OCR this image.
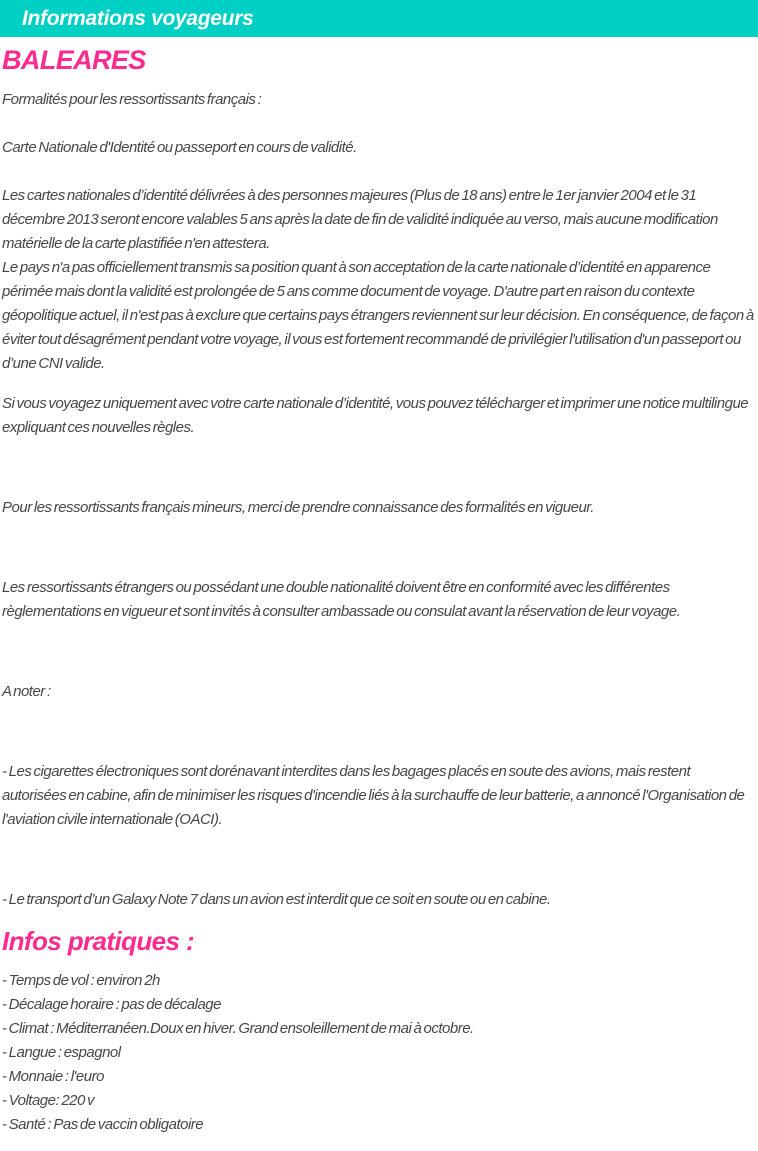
Informations voyageurs
BALEARES

Formalités pour les ressortissants français :

Carte Nationale d'Identité ou passeport en cours de validité.

Les cartes nationales d’identité délivrées à des personnes majeures (Plus de 18 ans) entre le 1er janvier 2004 et le 31 décembre 2013 seront encore valables 5 ans après la date de fin de validité indiquée au verso, mais aucune modification matérielle de la carte plastifiée n'en attestera.

Le pays n'a pas officiellement transmis sa position quant à son acceptation de la carte nationale d’identité en apparence périmée mais dont la validité est prolongée de 5 ans comme document de voyage. D'autre part en raison du contexte géopolitique actuel, il n'est pas à exclure que certains pays étrangers reviennent sur leur décision. En conséquence, de façon à éviter tout désagrément pendant votre voyage, il vous est fortement recommandé de privilégier l'utilisation d'un passeport ou d’une CNI valide.

Si vous voyagez uniquement avec votre carte nationale d’identité, vous pouvez télécharger et imprimer une notice multilingue expliquant ces nouvelles règles.

Pour les ressortissants français mineurs, merci de prendre connaissance des formalités en vigueur.

Les ressortissants étrangers ou possédant une double nationalité doivent être en conformité avec les différentes règlementations en vigueur et sont invités à consulter ambassade ou consulat avant la réservation de leur voyage.

A noter :

- Les cigarettes électroniques sont dorénavant interdites dans les bagages placés en soute des avions, mais restent autorisées en cabine, afin de minimiser les risques d'incendie liés à la surchauffe de leur batterie, a annoncé l'Organisation de l'aviation civile internationale (OACI).

- Le transport d’un Galaxy Note 7 dans un avion est interdit que ce soit en soute ou en cabine.

Infos pratiques :
- Temps de vol : environ 2h
- Décalage horaire : pas de décalage
- Climat : Méditerranéen.Doux en hiver. Grand ensoleillement de mai à octobre.
- Langue : espagnol
- Monnaie : l'euro
- Voltage: 220 v
- Santé : Pas de vaccin obligatoire
